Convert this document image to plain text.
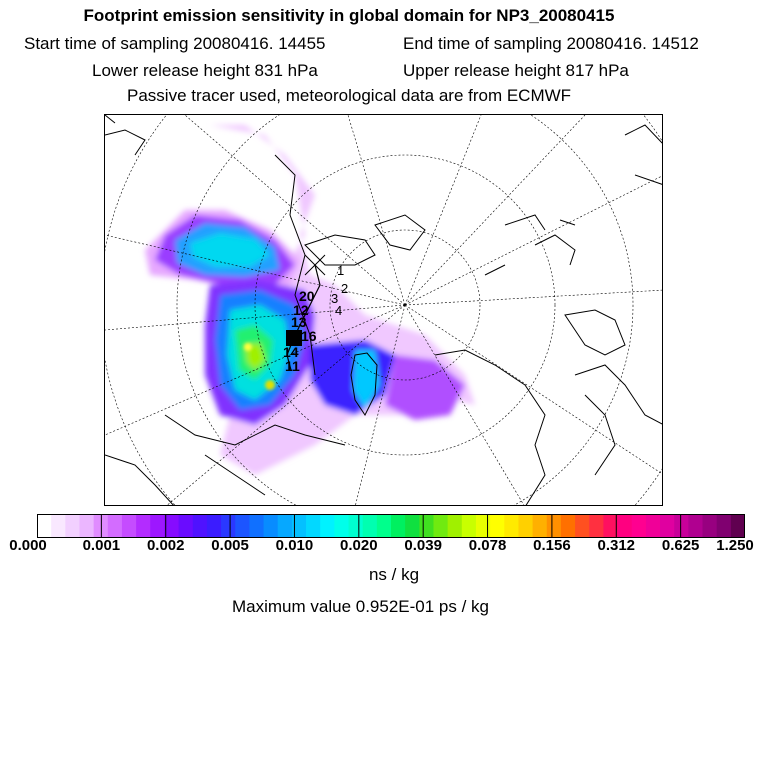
Footprint emission sensitivity in global domain for NP3_20080415
Start time of sampling 20080416. 14455	End time of sampling 20080416. 14512
Lower release height 831 hPa	Upper release height 817 hPa
Passive tracer used, meteorological data are from ECMWF
1
2
3
4
20
12
14
13
11
16
0.000 0.001 0.002 0.005 0.010 0.020 0.039 0.078 0.156 0.312 0.625 1.250
ns / kg
Maximum value 0.952E-01 ps / kg
